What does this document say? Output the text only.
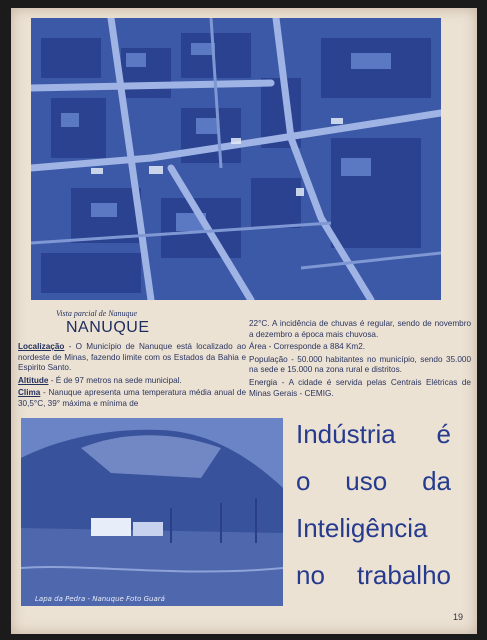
Vista parcial de Nanuque
NANUQUE

Localização - O Município de Nanuque está localizado ao nordeste de Minas, fazendo limite com os Estados da Bahia e Espirito Santo.

Altitude - É de 97 metros na sede municipal.

Clima - Nanuque apresenta uma temperatura média anual de 30,5°C, 39° máxima e mínima de

22°C. A incidência de chuvas é regular, sendo de novembro a dezembro a época mais chuvosa.

Área - Corresponde a 884 Km2.

População - 50.000 habitantes no município, sendo 35.000 na sede e 15.000 na zona rural e distritos.

Energia - A cidade é servida pelas Centrais Elétricas de Minas Gerais - CEMIG.

Lapa da Pedra - Nanuque Foto Guará
Indústria é
o uso da
Inteligência
no trabalho
19
